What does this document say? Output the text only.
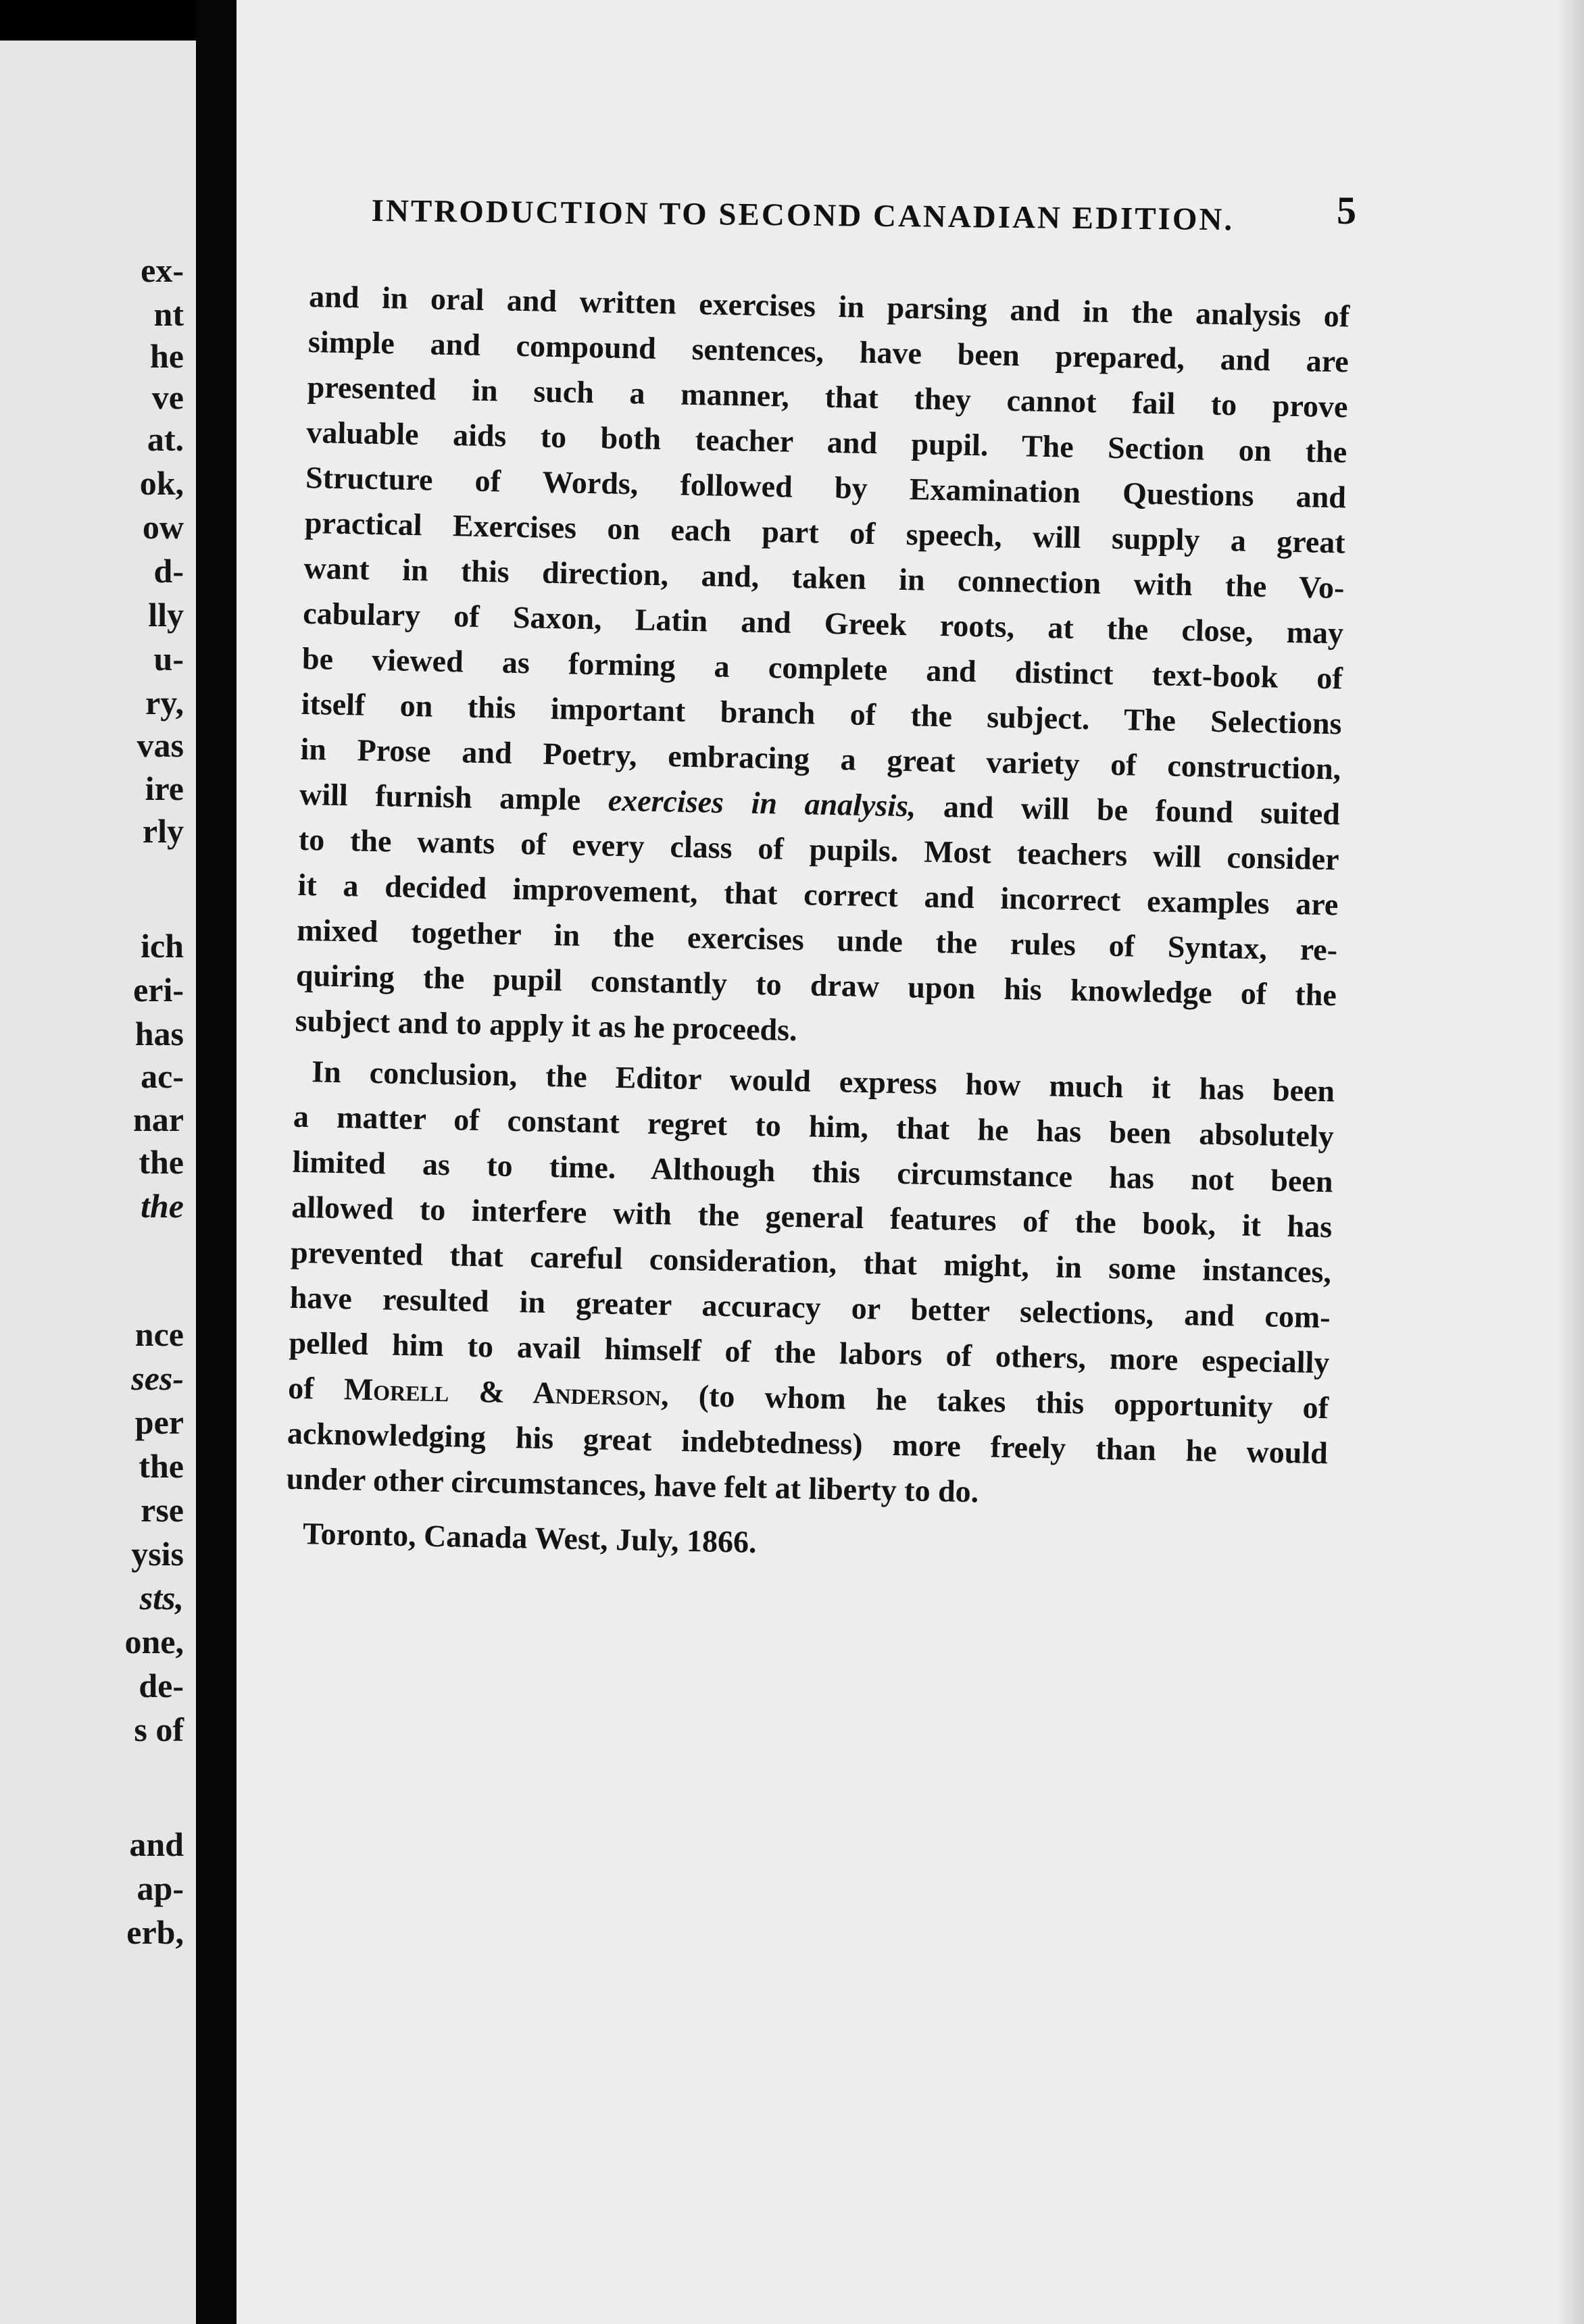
ex-
nt
he
ve
at.
ok,
ow
d-
lly
u-
ry,
vas
ire
rly
ich
eri-
has
ac-
nar
the
the
nce
ses-
per
the
rse
ysis
sts,
one,
de-
s of
and
ap-
erb,
INTRODUCTION TO SECOND CANADIAN EDITION.	5
and in oral and written exercises in parsing and in the analysis of
simple and compound sentences, have been prepared, and are
presented in such a manner, that they cannot fail to prove
valuable aids to both teacher and pupil. The Section on the
Structure of Words, followed by Examination Questions and
practical Exercises on each part of speech, will supply a great
want in this direction, and, taken in connection with the Vo-
cabulary of Saxon, Latin and Greek roots, at the close, may
be viewed as forming a complete and distinct text-book of
itself on this important branch of the subject. The Selections
in Prose and Poetry, embracing a great variety of construction,
will furnish ample exercises in analysis, and will be found suited
to the wants of every class of pupils. Most teachers will consider
it a decided improvement, that correct and incorrect examples are
mixed together in the exercises unde the rules of Syntax, re-
quiring the pupil constantly to draw upon his knowledge of the
subject and to apply it as he proceeds.
In conclusion, the Editor would express how much it has been
a matter of constant regret to him, that he has been absolutely
limited as to time. Although this circumstance has not been
allowed to interfere with the general features of the book, it has
prevented that careful consideration, that might, in some instances,
have resulted in greater accuracy or better selections, and com-
pelled him to avail himself of the labors of others, more especially
of Morell & Anderson, (to whom he takes this opportunity of
acknowledging his great indebtedness) more freely than he would
under other circumstances, have felt at liberty to do.
Toronto, Canada West, July, 1866.
